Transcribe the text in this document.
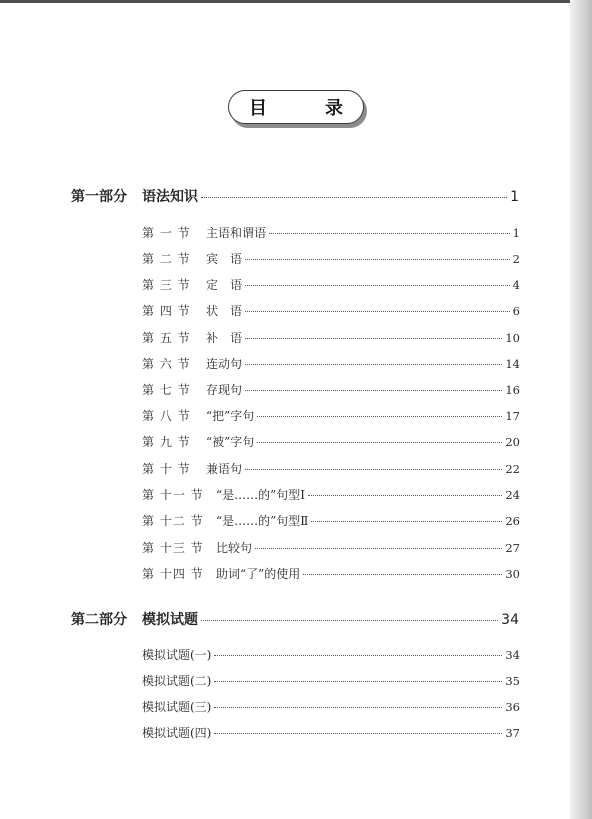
目　录
第一部分 语法知识	1
第 一 节 主语和谓语	1
第 二 节 宾　语	2
第 三 节 定　语	4
第 四 节 状　语	6
第 五 节 补　语	10
第 六 节 连动句	14
第 七 节 存现句	16
第 八 节 “把”字句	17
第 九 节 “被”字句	20
第 十 节 兼语句	22
第 十一 节 “是……的”句型Ⅰ	24
第 十二 节 “是……的”句型Ⅱ	26
第 十三 节 比较句	27
第 十四 节 助词“了”的使用	30
第二部分 模拟试题	34
模拟试题(一)	34
模拟试题(二)	35
模拟试题(三)	36
模拟试题(四)	37
